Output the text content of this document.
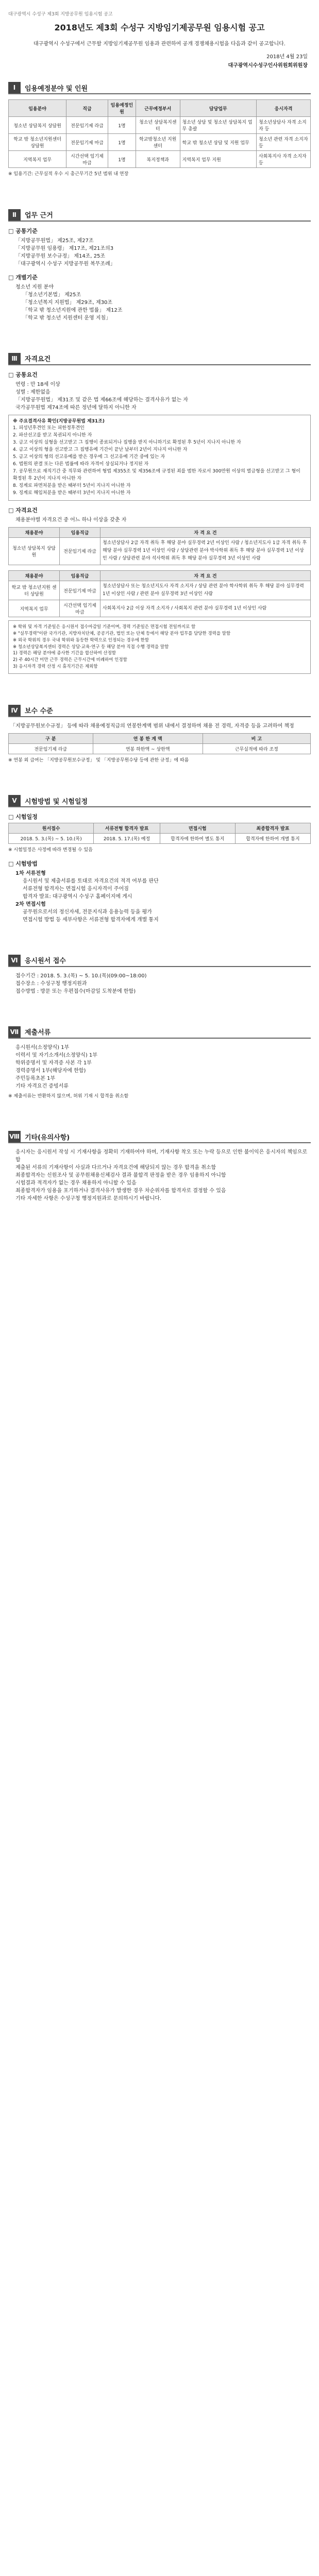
대구광역시 수성구 제3회 지방공무원 임용시험 공고
2018년도 제3회 수성구 지방임기제공무원 임용시험 공고
대구광역시 수성구에서 근무할 지방임기제공무원 임용과 관련하여 공개 경쟁채용시험을 다음과 같이 공고합니다.
2018년 4월 23일
대구광역시수성구인사위원회위원장
Ⅰ	임용예정분야 및 인원
임용분야	직급	임용예정인원	근무예정부서	담당업무	응시자격
청소년 상담복지 상담원	전문임기제 라급	1명	청소년 상담복지센터	청소년 상담 및 청소년 상담복지 업무 총괄	청소년상담사 자격 소지자 등
학교 밖 청소년지원센터 상담원	전문임기제 마급	1명	학교밖청소년 지원센터	학교 밖 청소년 상담 및 지원 업무	청소년 관련 자격 소지자 등
지역복지 업무	시간선택 임기제 마급	1명	복지정책과	지역복지 업무 지원	사회복지사 자격 소지자 등
※ 임용기간: 근무실적 우수 시 총근무기간 5년 범위 내 연장
Ⅱ	업무 근거
□ 공통기준
「지방공무원법」 제25조, 제27조
「지방공무원 임용령」 제17조, 제21조의3
「지방공무원 보수규정」 제14조, 25조
「대구광역시 수성구 지방공무원 복무조례」
□ 개별기준
청소년 지원 분야
「청소년기본법」 제25조
「청소년복지 지원법」 제29조, 제30조
「학교 밖 청소년지원에 관한 법률」 제12조
「학교 밖 청소년 지원센터 운영 지침」
Ⅲ	자격요건
□ 공통요건
연령 : 만 18세 이상
성별 : 제한없음
「지방공무원법」 제31조 및 같은 법 제66조에 해당하는 결격사유가 없는 자
국가공무원법 제74조에 따른 정년에 달하지 아니한 자
※ 주요결격사유 확인(지방공무원법 제31조)
1. 피성년후견인 또는 피한정후견인
2. 파산선고를 받고 복권되지 아니한 자
3. 금고 이상의 실형을 선고받고 그 집행이 종료되거나 집행을 받지 아니하기로 확정된 후 5년이 지나지 아니한 자
4. 금고 이상의 형을 선고받고 그 집행유예 기간이 끝난 날부터 2년이 지나지 아니한 자
5. 금고 이상의 형의 선고유예를 받은 경우에 그 선고유예 기간 중에 있는 자
6. 법원의 판결 또는 다른 법률에 따라 자격이 상실되거나 정지된 자
7. 공무원으로 재직기간 중 직무와 관련하여 형법 제355조 및 제356조에 규정된 죄를 범한 자로서 300만원 이상의 벌금형을 선고받고 그 형이 확정된 후 2년이 지나지 아니한 자
8. 징계로 파면처분을 받은 때부터 5년이 지나지 아니한 자
9. 징계로 해임처분을 받은 때부터 3년이 지나지 아니한 자
□ 자격요건
채용분야별 자격요건 중 어느 하나 이상을 갖춘 자
채용분야	임용직급	자 격 요 건
청소년 상담복지 상담원	전문임기제 라급	청소년상담사 2급 자격 취득 후 해당 분야 실무경력 2년 이상인 사람 / 청소년지도사 1급 자격 취득 후 해당 분야 실무경력 1년 이상인 사람 / 상담관련 분야 박사학위 취득 후 해당 분야 실무경력 1년 이상인 사람 / 상담관련 분야 석사학위 취득 후 해당 분야 실무경력 3년 이상인 사람
채용분야	임용직급	자 격 요 건
학교 밖 청소년지원 센터 상담원	전문임기제 마급	청소년상담사 또는 청소년지도사 자격 소지자 / 상담 관련 분야 학사학위 취득 후 해당 분야 실무경력 1년 이상인 사람 / 관련 분야 실무경력 3년 이상인 사람
지역복지 업무	시간선택 임기제 마급	사회복지사 2급 이상 자격 소지자 / 사회복지 관련 분야 실무경력 1년 이상인 사람
※ 학위 및 자격 기준일은 응시원서 접수마감일 기준이며, 경력 기준일은 면접시험 전일까지로 함
※ "실무경력"이란 국가기관, 지방자치단체, 공공기관, 법인 또는 단체 등에서 해당 분야 업무를 담당한 경력을 말함
※ 외국 학위의 경우 국내 학위와 동등한 학력으로 인정되는 경우에 한함
※ 청소년상담복지센터 경력은 상담·교육·연구 등 해당 분야 직접 수행 경력을 말함
1) 경력은 해당 분야에 종사한 기간을 합산하여 산정함
2) 주 40시간 미만 근무 경력은 근무시간에 비례하여 인정함
3) 응시자격 경력 산정 시 휴직기간은 제외함
Ⅳ	보수 수준
「지방공무원보수규정」 등에 따라 채용예정직급의 연봉한계액 범위 내에서 결정하며 채용 전 경력, 자격증 등을 고려하여 책정
구 분	연 봉 한 계 액	비 고
전문임기제 라급	연봉 하한액 ~ 상한액	근무실적에 따라 조정
※ 연봉 외 급여는 「지방공무원보수규정」 및 「지방공무원수당 등에 관한 규정」에 따름
Ⅴ	시험방법 및 시험일정
□ 시험일정
원서접수	서류전형 합격자 발표	면접시험	최종합격자 발표
2018. 5. 3.(목) ~ 5. 10.(목)	2018. 5. 17.(목) 예정	합격자에 한하여 별도 통지	합격자에 한하여 개별 통지
※ 시험일정은 사정에 따라 변경될 수 있음
□ 시험방법
1차 서류전형
응시원서 및 제출서류를 토대로 자격요건의 적격 여부를 판단
서류전형 합격자는 면접시험 응시자격이 주어짐
합격자 발표: 대구광역시 수성구 홈페이지에 게시
2차 면접시험
공무원으로서의 정신자세, 전문지식과 응용능력 등을 평가
면접시험 방법 등 세부사항은 서류전형 합격자에게 개별 통지
Ⅵ	응시원서 접수
접수기간 : 2018. 5. 3.(목) ~ 5. 10.(목)(09:00~18:00)
접수장소 : 수성구청 행정지원과
접수방법 : 방문 또는 우편접수(마감일 도착분에 한함)
Ⅶ 제출서류
응시원서(소정양식) 1부
이력서 및 자기소개서(소정양식) 1부
학위증명서 및 자격증 사본 각 1부
경력증명서 1부(해당자에 한함)
주민등록초본 1부
기타 자격요건 증빙서류
※ 제출서류는 반환하지 않으며, 허위 기재 시 합격을 취소함
Ⅷ 기타(유의사항)
응시자는 응시원서 작성 시 기재사항을 정확히 기재하여야 하며, 기재사항 착오 또는 누락 등으로 인한 불이익은 응시자의 책임으로 함
제출된 서류의 기재사항이 사실과 다르거나 자격요건에 해당되지 않는 경우 합격을 취소함
최종합격자는 신원조사 및 공무원채용신체검사 결과 불합격 판정을 받은 경우 임용하지 아니함
시험결과 적격자가 없는 경우 채용하지 아니할 수 있음
최종합격자가 임용을 포기하거나 결격사유가 발생한 경우 차순위자를 합격자로 결정할 수 있음
기타 자세한 사항은 수성구청 행정지원과로 문의하시기 바랍니다.
